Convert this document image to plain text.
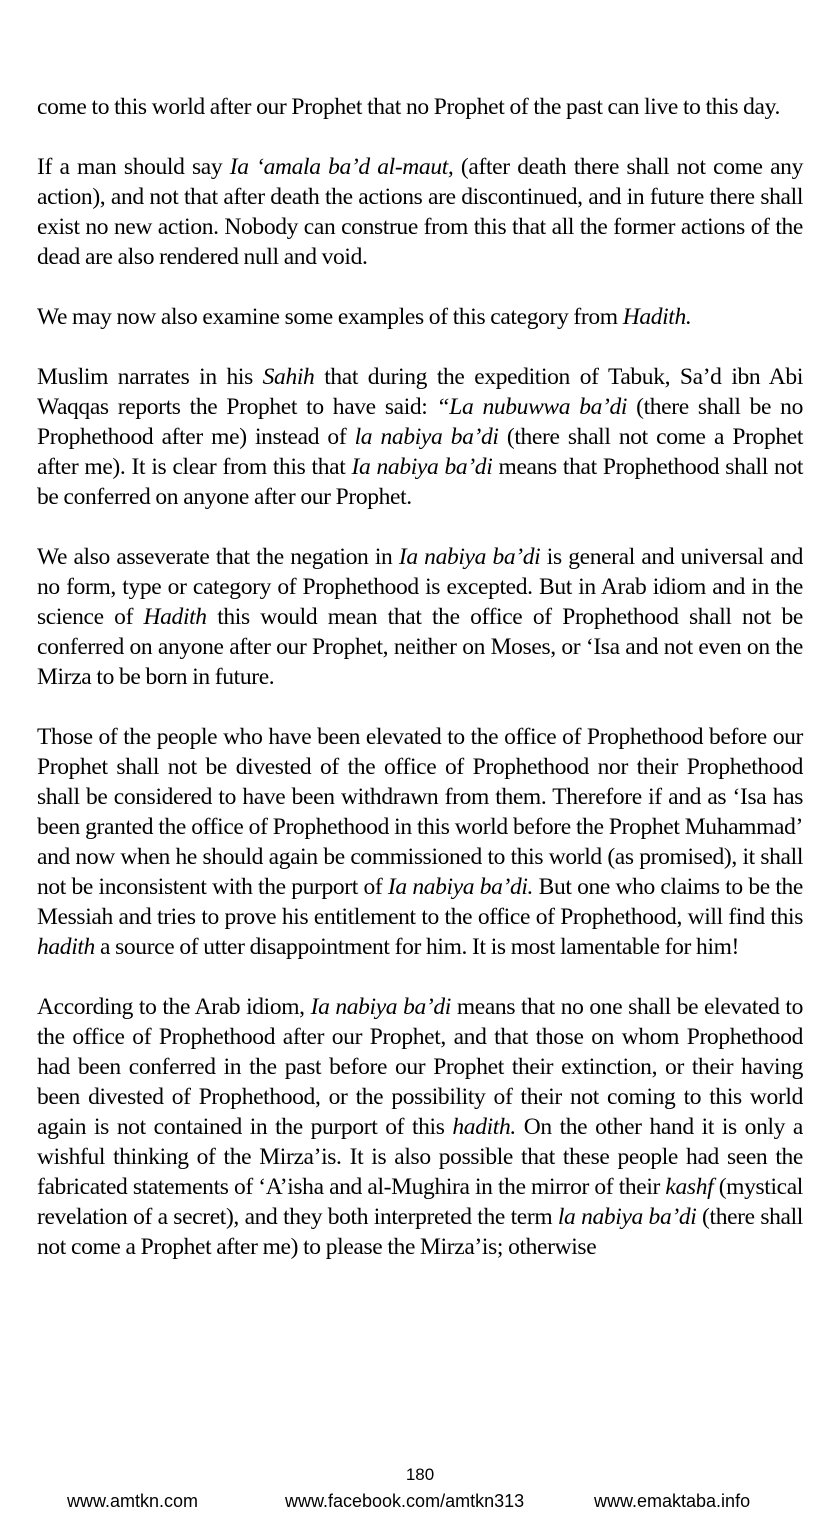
come to this world after our Prophet that no Prophet of the past can live to this day.

If a man should say Ia ‘amala ba’d al-maut, (after death there shall not come any action), and not that after death the actions are discontinued, and in future there shall exist no new action. Nobody can construe from this that all the former actions of the dead are also rendered null and void.

We may now also examine some examples of this category from Hadith.

Muslim narrates in his Sahih that during the expedition of Tabuk, Sa’d ibn Abi Waqqas reports the Prophet to have said: “La nubuwwa ba’di (there shall be no Prophethood after me) instead of la nabiya ba’di (there shall not come a Prophet after me). It is clear from this that Ia nabiya ba’di means that Prophethood shall not be conferred on anyone after our Prophet.

We also asseverate that the negation in Ia nabiya ba’di is general and universal and no form, type or category of Prophethood is excepted. But in Arab idiom and in the science of Hadith this would mean that the office of Prophethood shall not be conferred on anyone after our Prophet, neither on Moses, or ‘Isa and not even on the Mirza to be born in future.

Those of the people who have been elevated to the office of Prophethood before our Prophet shall not be divested of the office of Prophethood nor their Prophethood shall be considered to have been withdrawn from them. Therefore if and as ‘Isa has been granted the office of Prophethood in this world before the Prophet Muhammad’ and now when he should again be commissioned to this world (as promised), it shall not be inconsistent with the purport of Ia nabiya ba’di. But one who claims to be the Messiah and tries to prove his entitlement to the office of Prophethood, will find this hadith a source of utter disappointment for him. It is most lamentable for him!

According to the Arab idiom, Ia nabiya ba’di means that no one shall be elevated to the office of Prophethood after our Prophet, and that those on whom Prophethood had been conferred in the past before our Prophet their extinction, or their having been divested of Prophethood, or the possibility of their not coming to this world again is not contained in the purport of this hadith. On the other hand it is only a wishful thinking of the Mirza’is. It is also possible that these people had seen the fabricated statements of ‘A’isha and al-Mughira in the mirror of their kashf (mystical revelation of a secret), and they both interpreted the term la nabiya ba’di (there shall not come a Prophet after me) to please the Mirza’is; otherwise

180
www.amtkn.com	www.facebook.com/amtkn313	www.emaktaba.info
